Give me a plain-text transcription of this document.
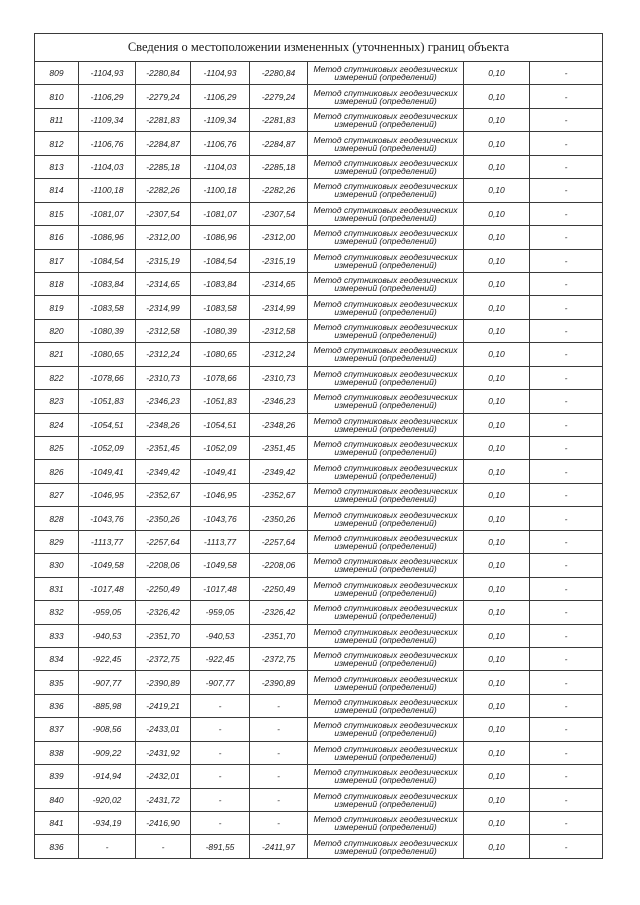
Сведения о местоположении измененных (уточненных) границ объекта							
809	-1104,93	-2280,84	-1104,93	-2280,84	Метод спутниковых геодезических
измерений (определений)	0,10	-
810	-1106,29	-2279,24	-1106,29	-2279,24	Метод спутниковых геодезических
измерений (определений)	0,10	-
811	-1109,34	-2281,83	-1109,34	-2281,83	Метод спутниковых геодезических
измерений (определений)	0,10	-
812	-1106,76	-2284,87	-1106,76	-2284,87	Метод спутниковых геодезических
измерений (определений)	0,10	-
813	-1104,03	-2285,18	-1104,03	-2285,18	Метод спутниковых геодезических
измерений (определений)	0,10	-
814	-1100,18	-2282,26	-1100,18	-2282,26	Метод спутниковых геодезических
измерений (определений)	0,10	-
815	-1081,07	-2307,54	-1081,07	-2307,54	Метод спутниковых геодезических
измерений (определений)	0,10	-
816	-1086,96	-2312,00	-1086,96	-2312,00	Метод спутниковых геодезических
измерений (определений)	0,10	-
817	-1084,54	-2315,19	-1084,54	-2315,19	Метод спутниковых геодезических
измерений (определений)	0,10	-
818	-1083,84	-2314,65	-1083,84	-2314,65	Метод спутниковых геодезических
измерений (определений)	0,10	-
819	-1083,58	-2314,99	-1083,58	-2314,99	Метод спутниковых геодезических
измерений (определений)	0,10	-
820	-1080,39	-2312,58	-1080,39	-2312,58	Метод спутниковых геодезических
измерений (определений)	0,10	-
821	-1080,65	-2312,24	-1080,65	-2312,24	Метод спутниковых геодезических
измерений (определений)	0,10	-
822	-1078,66	-2310,73	-1078,66	-2310,73	Метод спутниковых геодезических
измерений (определений)	0,10	-
823	-1051,83	-2346,23	-1051,83	-2346,23	Метод спутниковых геодезических
измерений (определений)	0,10	-
824	-1054,51	-2348,26	-1054,51	-2348,26	Метод спутниковых геодезических
измерений (определений)	0,10	-
825	-1052,09	-2351,45	-1052,09	-2351,45	Метод спутниковых геодезических
измерений (определений)	0,10	-
826	-1049,41	-2349,42	-1049,41	-2349,42	Метод спутниковых геодезических
измерений (определений)	0,10	-
827	-1046,95	-2352,67	-1046,95	-2352,67	Метод спутниковых геодезических
измерений (определений)	0,10	-
828	-1043,76	-2350,26	-1043,76	-2350,26	Метод спутниковых геодезических
измерений (определений)	0,10	-
829	-1113,77	-2257,64	-1113,77	-2257,64	Метод спутниковых геодезических
измерений (определений)	0,10	-
830	-1049,58	-2208,06	-1049,58	-2208,06	Метод спутниковых геодезических
измерений (определений)	0,10	-
831	-1017,48	-2250,49	-1017,48	-2250,49	Метод спутниковых геодезических
измерений (определений)	0,10	-
832	-959,05	-2326,42	-959,05	-2326,42	Метод спутниковых геодезических
измерений (определений)	0,10	-
833	-940,53	-2351,70	-940,53	-2351,70	Метод спутниковых геодезических
измерений (определений)	0,10	-
834	-922,45	-2372,75	-922,45	-2372,75	Метод спутниковых геодезических
измерений (определений)	0,10	-
835	-907,77	-2390,89	-907,77	-2390,89	Метод спутниковых геодезических
измерений (определений)	0,10	-
836	-885,98	-2419,21	-	-	Метод спутниковых геодезических
измерений (определений)	0,10	-
837	-908,56	-2433,01	-	-	Метод спутниковых геодезических
измерений (определений)	0,10	-
838	-909,22	-2431,92	-	-	Метод спутниковых геодезических
измерений (определений)	0,10	-
839	-914,94	-2432,01	-	-	Метод спутниковых геодезических
измерений (определений)	0,10	-
840	-920,02	-2431,72	-	-	Метод спутниковых геодезических
измерений (определений)	0,10	-
841	-934,19	-2416,90	-	-	Метод спутниковых геодезических
измерений (определений)	0,10	-
836	-	-	-891,55	-2411,97	Метод спутниковых геодезических
измерений (определений)	0,10	-
